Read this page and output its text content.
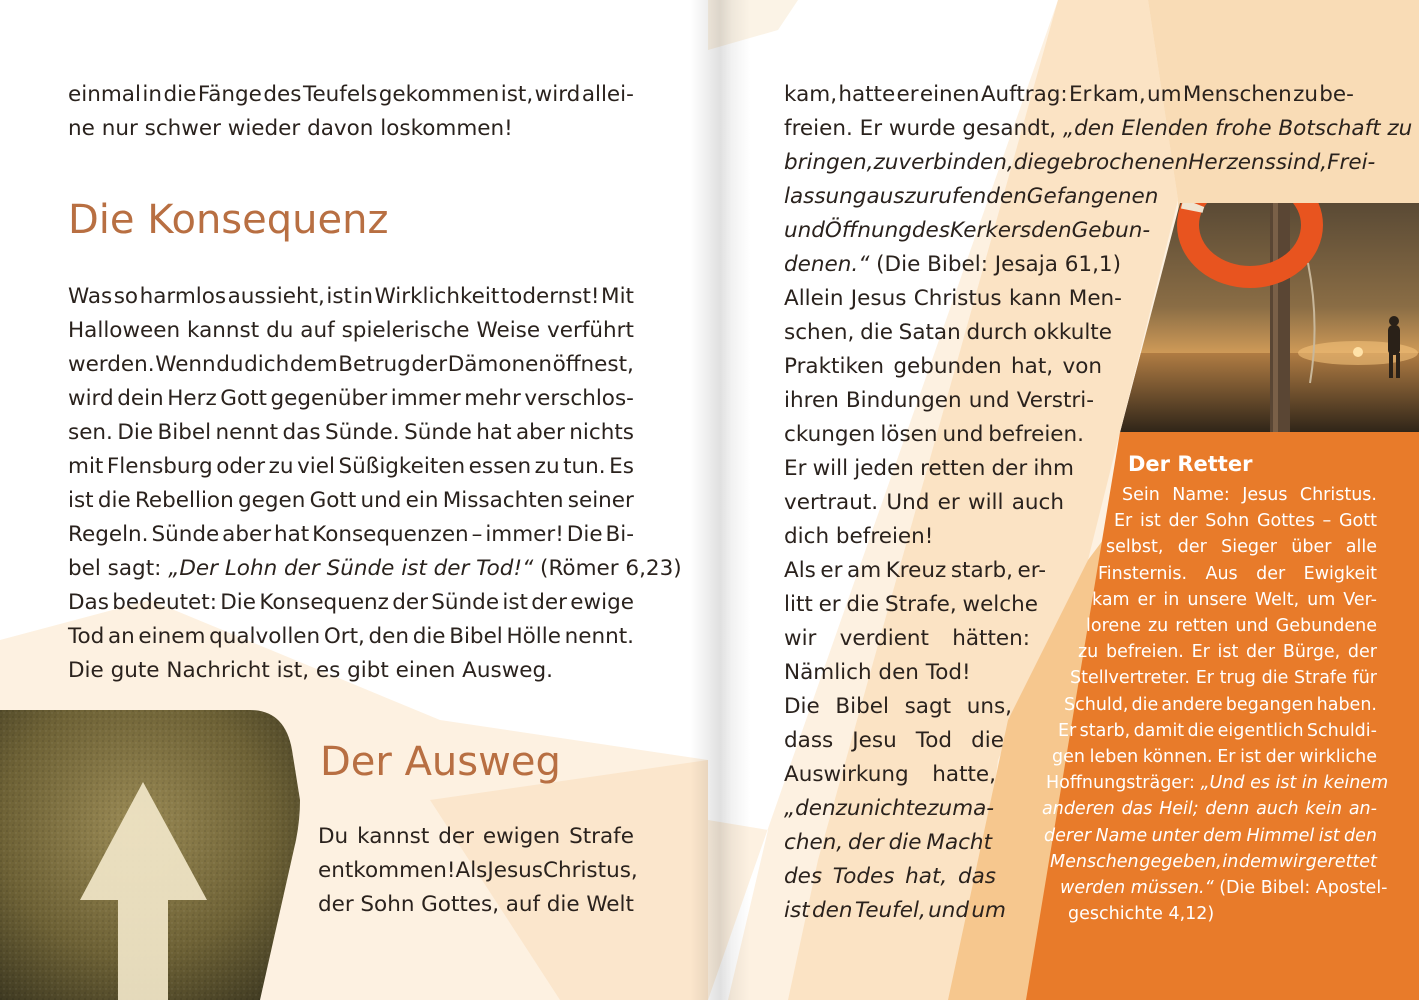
einmal in die Fänge des Teufels gekommen ist, wird allei-
ne nur schwer wieder davon loskommen!
Die Konsequenz
Was so harmlos aussieht, ist in Wirklichkeit todernst! Mit
Halloween kannst du auf spielerische Weise verführt
werden. Wenn du dich dem Betrug der Dämonen öffnest,
wird dein Herz Gott gegenüber immer mehr verschlos-
sen. Die Bibel nennt das Sünde. Sünde hat aber nichts
mit Flensburg oder zu viel Süßigkeiten essen zu tun. Es
ist die Rebellion gegen Gott und ein Missachten seiner
Regeln. Sünde aber hat Konsequenzen – immer! Die Bi-
bel sagt: „Der Lohn der Sünde ist der Tod!“ (Römer 6,23)
Das bedeutet: Die Konsequenz der Sünde ist der ewige
Tod an einem qualvollen Ort, den die Bibel Hölle nennt.
Die gute Nachricht ist, es gibt einen Ausweg.
Der Ausweg
Du kannst der ewigen Strafe
entkommen! Als Jesus Christus,
der Sohn Gottes, auf die Welt
kam, hatte er einen Auftrag: Er kam, um Menschen zu be-
freien. Er wurde gesandt, „den Elenden frohe Botschaft zu
bringen, zu verbinden, die gebrochenen Herzens sind, Frei-
lassung auszurufen den Gefangenen
und Öffnung des Kerkers den Gebun-
denen.“ (Die Bibel: Jesaja 61,1)
Allein Jesus Christus kann Men-
schen, die Satan durch okkulte
Praktiken gebunden hat, von
ihren Bindungen und Verstri-
ckungen lösen und befreien.
Er will jeden retten der ihm
vertraut. Und er will auch
dich befreien!
Als er am Kreuz starb, er-
litt er die Strafe, welche
wir verdient hätten:
Nämlich den Tod!
Die Bibel sagt uns,
dass Jesu Tod die
Auswirkung hatte,
„den zunichte zu ma-
chen, der die Macht
des Todes hat, das
ist den Teufel, und um
Der Retter
Sein Name: Jesus Christus.
Er ist der Sohn Gottes – Gott
selbst, der Sieger über alle
Finsternis. Aus der Ewigkeit
kam er in unsere Welt, um Ver-
lorene zu retten und Gebundene
zu befreien. Er ist der Bürge, der
Stellvertreter. Er trug die Strafe für
Schuld, die andere begangen haben.
Er starb, damit die eigentlich Schuldi-
gen leben können. Er ist der wirkliche
Hoffnungsträger: „Und es ist in keinem
anderen das Heil; denn auch kein an-
derer Name unter dem Himmel ist den
Menschen gegeben, in dem wir gerettet
werden müssen.“ (Die Bibel: Apostel-
geschichte 4,12)
